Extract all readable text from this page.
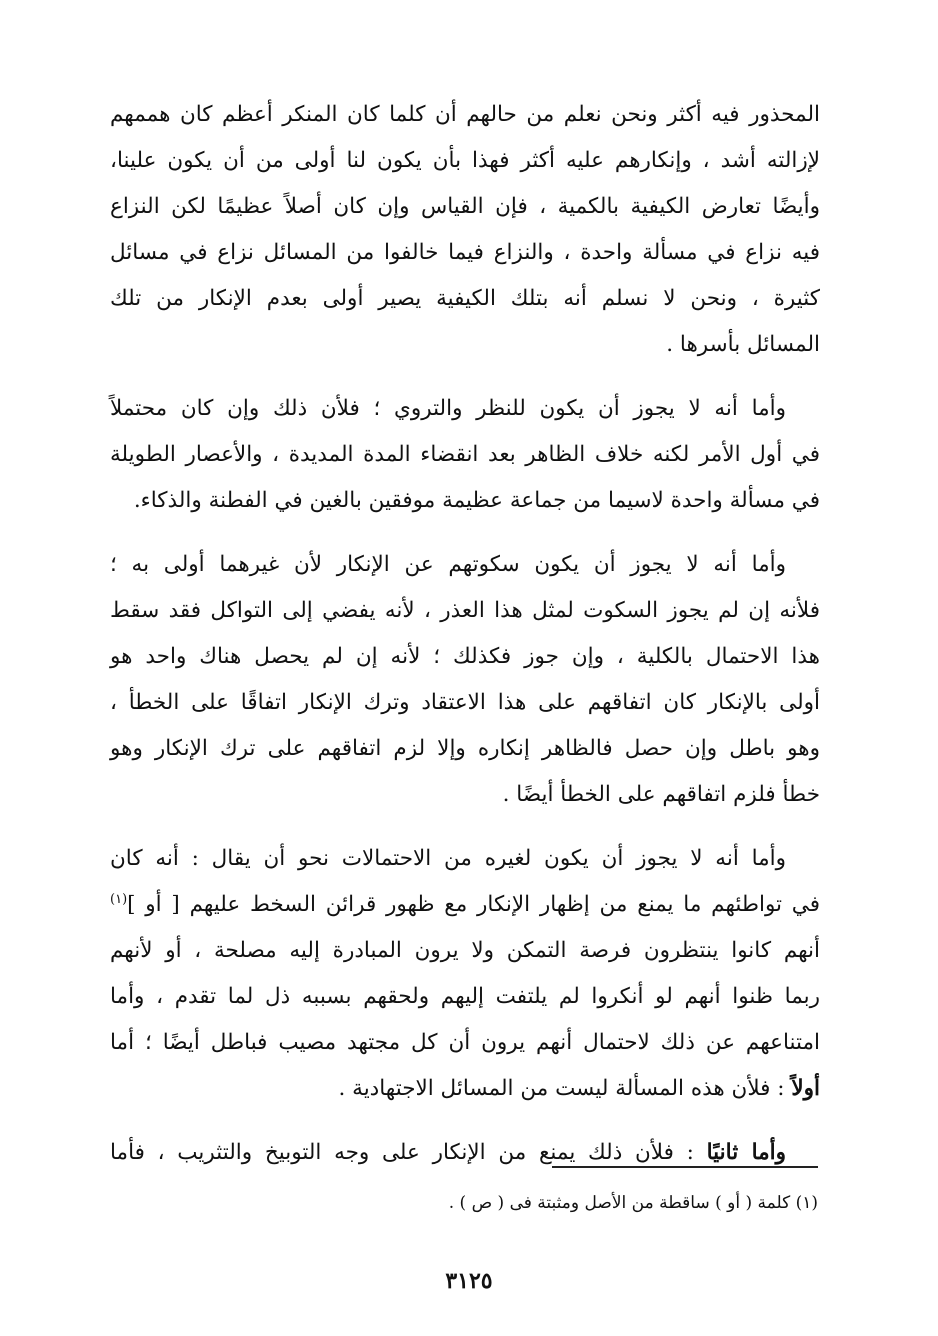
المحذور فيه أكثر ونحن نعلم من حالهم أن كلما كان المنكر أعظم كان هممهم
لإزالته أشد ، وإنكارهم عليه أكثر فهذا بأن يكون لنا أولى من أن يكون علينا،
وأيضًا تعارض الكيفية بالكمية ، فإن القياس وإن كان أصلاً عظيمًا لكن النزاع
فيه نزاع في مسألة واحدة ، والنزاع فيما خالفوا من المسائل نزاع في مسائل
كثيرة ، ونحن لا نسلم أنه بتلك الكيفية يصير أولى بعدم الإنكار من تلك
المسائل بأسرها .

وأما أنه لا يجوز أن يكون للنظر والتروي ؛ فلأن ذلك وإن كان محتملاً
في أول الأمر لكنه خلاف الظاهر بعد انقضاء المدة المديدة ، والأعصار الطويلة
في مسألة واحدة لاسيما من جماعة عظيمة موفقين بالغين في الفطنة والذكاء.

وأما أنه لا يجوز أن يكون سكوتهم عن الإنكار لأن غيرهما أولى به ؛
فلأنه إن لم يجوز السكوت لمثل هذا العذر ، لأنه يفضي إلى التواكل فقد سقط
هذا الاحتمال بالكلية ، وإن جوز فكذلك ؛ لأنه إن لم يحصل هناك واحد هو
أولى بالإنكار كان اتفاقهم على هذا الاعتقاد وترك الإنكار اتفاقًا على الخطأ ،
وهو باطل وإن حصل فالظاهر إنكاره وإلا لزم اتفاقهم على ترك الإنكار وهو
خطأ فلزم اتفاقهم على الخطأ أيضًا .

وأما أنه لا يجوز أن يكون لغيره من الاحتمالات نحو أن يقال : أنه كان
في تواطئهم ما يمنع من إظهار الإنكار مع ظهور قرائن السخط عليهم [ أو ]$^{(١)}$
أنهم كانوا ينتظرون فرصة التمكن ولا يرون المبادرة إليه مصلحة ، أو لأنهم
ربما ظنوا أنهم لو أنكروا لم يلتفت إليهم ولحقهم بسببه ذل لما تقدم ، وأما
امتناعهم عن ذلك لاحتمال أنهم يرون أن كل مجتهد مصيب فباطل أيضًا ؛ أما
أولاً : فلأن هذه المسألة ليست من المسائل الاجتهادية .

وأما ثانيًا : فلأن ذلك يمنع من الإنكار على وجه التوبيخ والتثريب ، فأما

(١) كلمة ( أو ) ساقطة من الأصل ومثبتة فى ( ص ) .
٣١٢٥
